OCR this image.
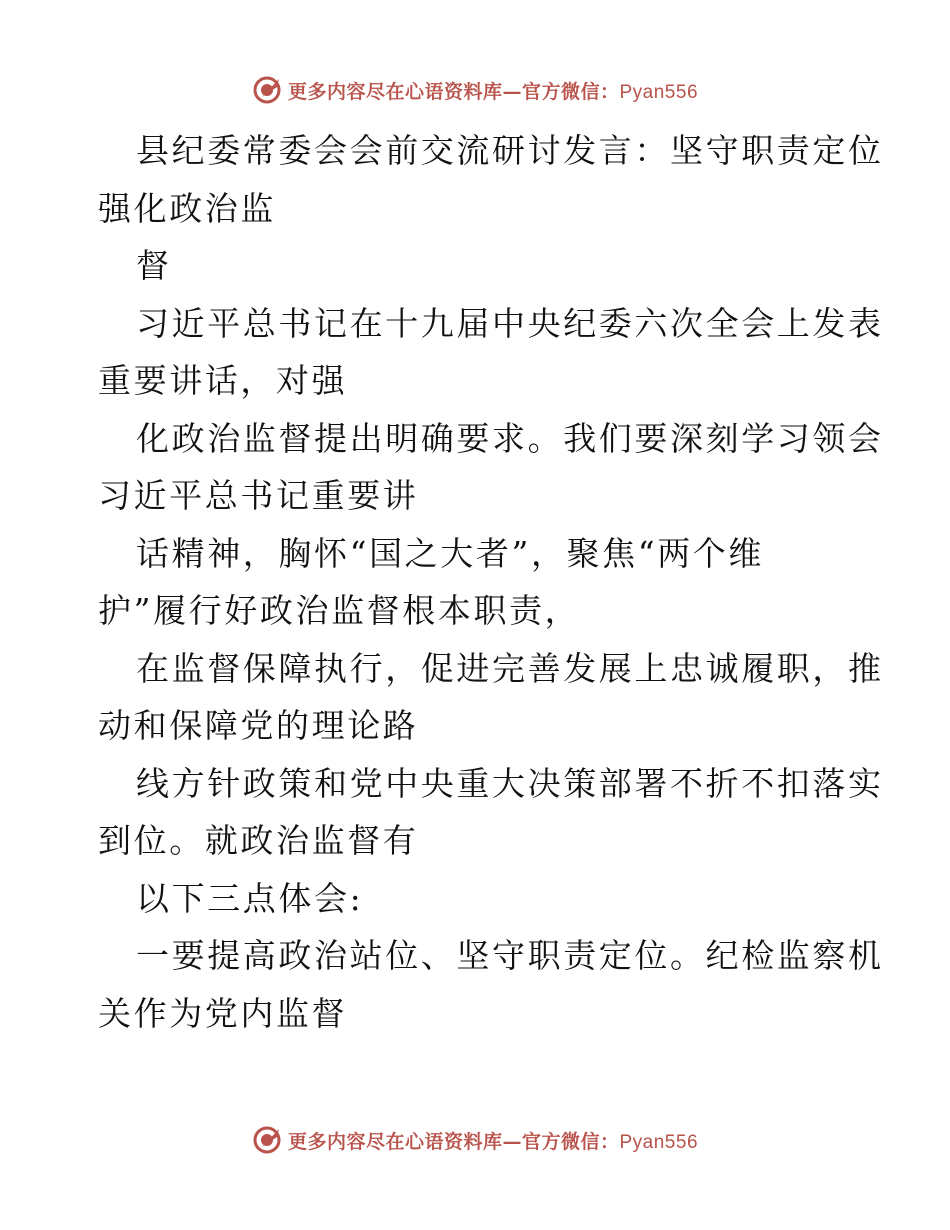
更多内容尽在心语资料库—官方微信：Pyan556
县纪委常委会会前交流研讨发言：坚守职责定位
强化政治监
督
习近平总书记在十九届中央纪委六次全会上发表
重要讲话，对强
化政治监督提出明确要求。我们要深刻学习领会
习近平总书记重要讲
话精神，胸怀“国之大者”，聚焦“两个维
护”履行好政治监督根本职责，
在监督保障执行，促进完善发展上忠诚履职，推
动和保障党的理论路
线方针政策和党中央重大决策部署不折不扣落实
到位。就政治监督有
以下三点体会:
一要提高政治站位、坚守职责定位。纪检监察机
关作为党内监督
更多内容尽在心语资料库—官方微信：Pyan556
